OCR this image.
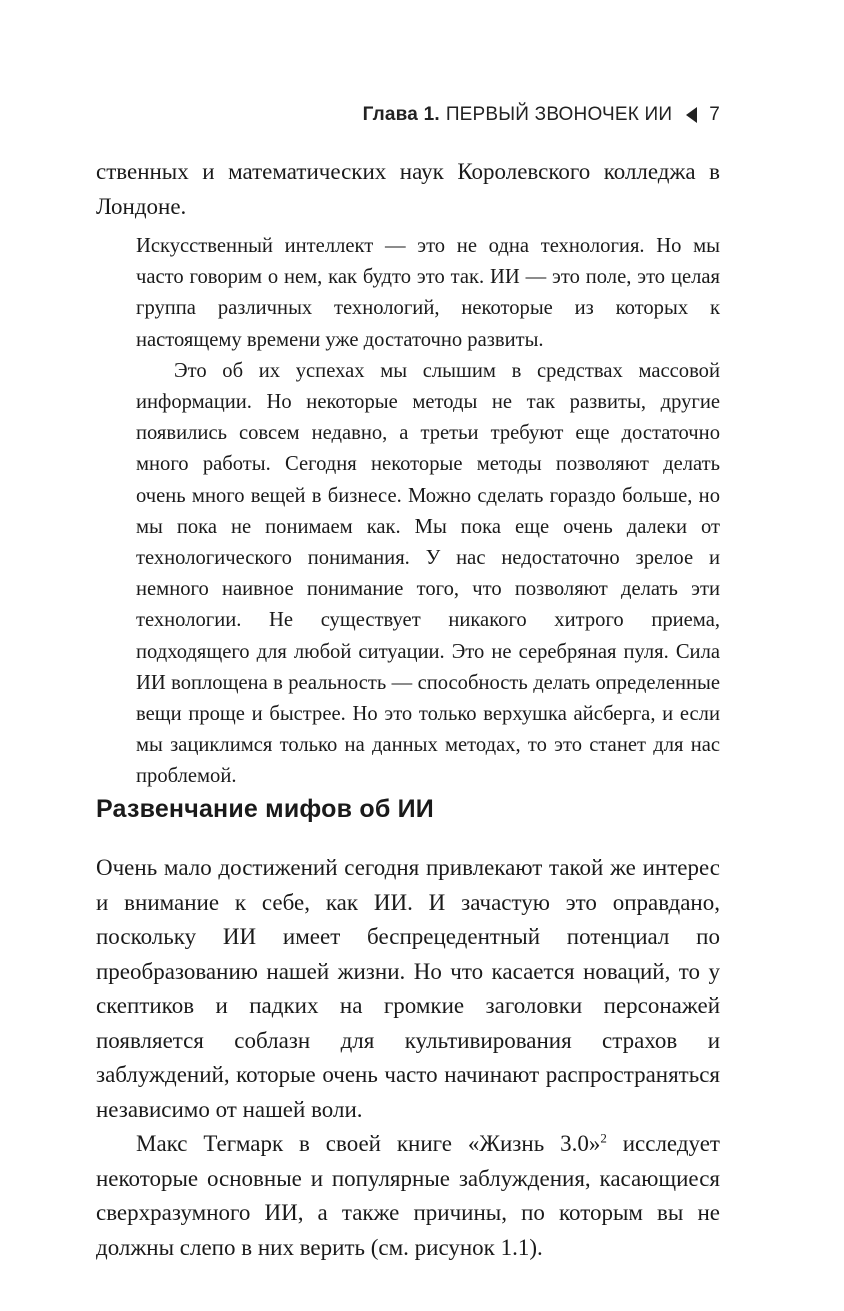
Глава
1. ПЕРВЫЙ ЗВОНОЧЕК ИИ 7

ственных и математических наук Королевского колледжа в Лондоне.

Искусственный интеллект — это не одна технология. Но мы часто говорим о нем, как будто это так. ИИ — это поле, это целая группа различных технологий, некоторые из которых к настоящему времени уже достаточно развиты.

Это об их успехах мы слышим в средствах массовой информации. Но некоторые методы не так развиты, другие появились совсем недавно, а третьи требуют еще достаточно много работы. Сегодня некоторые методы позволяют делать очень много вещей в бизнесе. Можно сделать гораздо больше, но мы пока не понимаем как. Мы пока еще очень далеки от технологического понимания. У нас недостаточно зрелое и немного наивное понимание того, что позволяют делать эти технологии. Не существует никакого хитрого приема, подходящего для любой ситуации. Это не серебряная пуля. Сила ИИ воплощена в реальность — способность делать определенные вещи проще и быстрее. Но это только верхушка айсберга, и если мы зациклимся только на данных методах, то это станет для нас проблемой.

Развенчание мифов об ИИ

Очень мало достижений сегодня привлекают такой же интерес и внимание к себе, как ИИ. И зачастую это оправдано, поскольку ИИ имеет беспрецедентный потенциал по преобразованию нашей жизни. Но что касается новаций, то у скептиков и падких на громкие заголовки персонажей появляется соблазн для культивирования страхов и заблуждений, которые очень часто начинают распространяться независимо от нашей воли.

Макс Тегмарк в своей книге «Жизнь 3.0»$^2$ исследует некоторые основные и популярные заблуждения, касающиеся сверхразумного ИИ, а также причины, по которым вы не должны слепо в них верить (см. рисунок 1.1).
